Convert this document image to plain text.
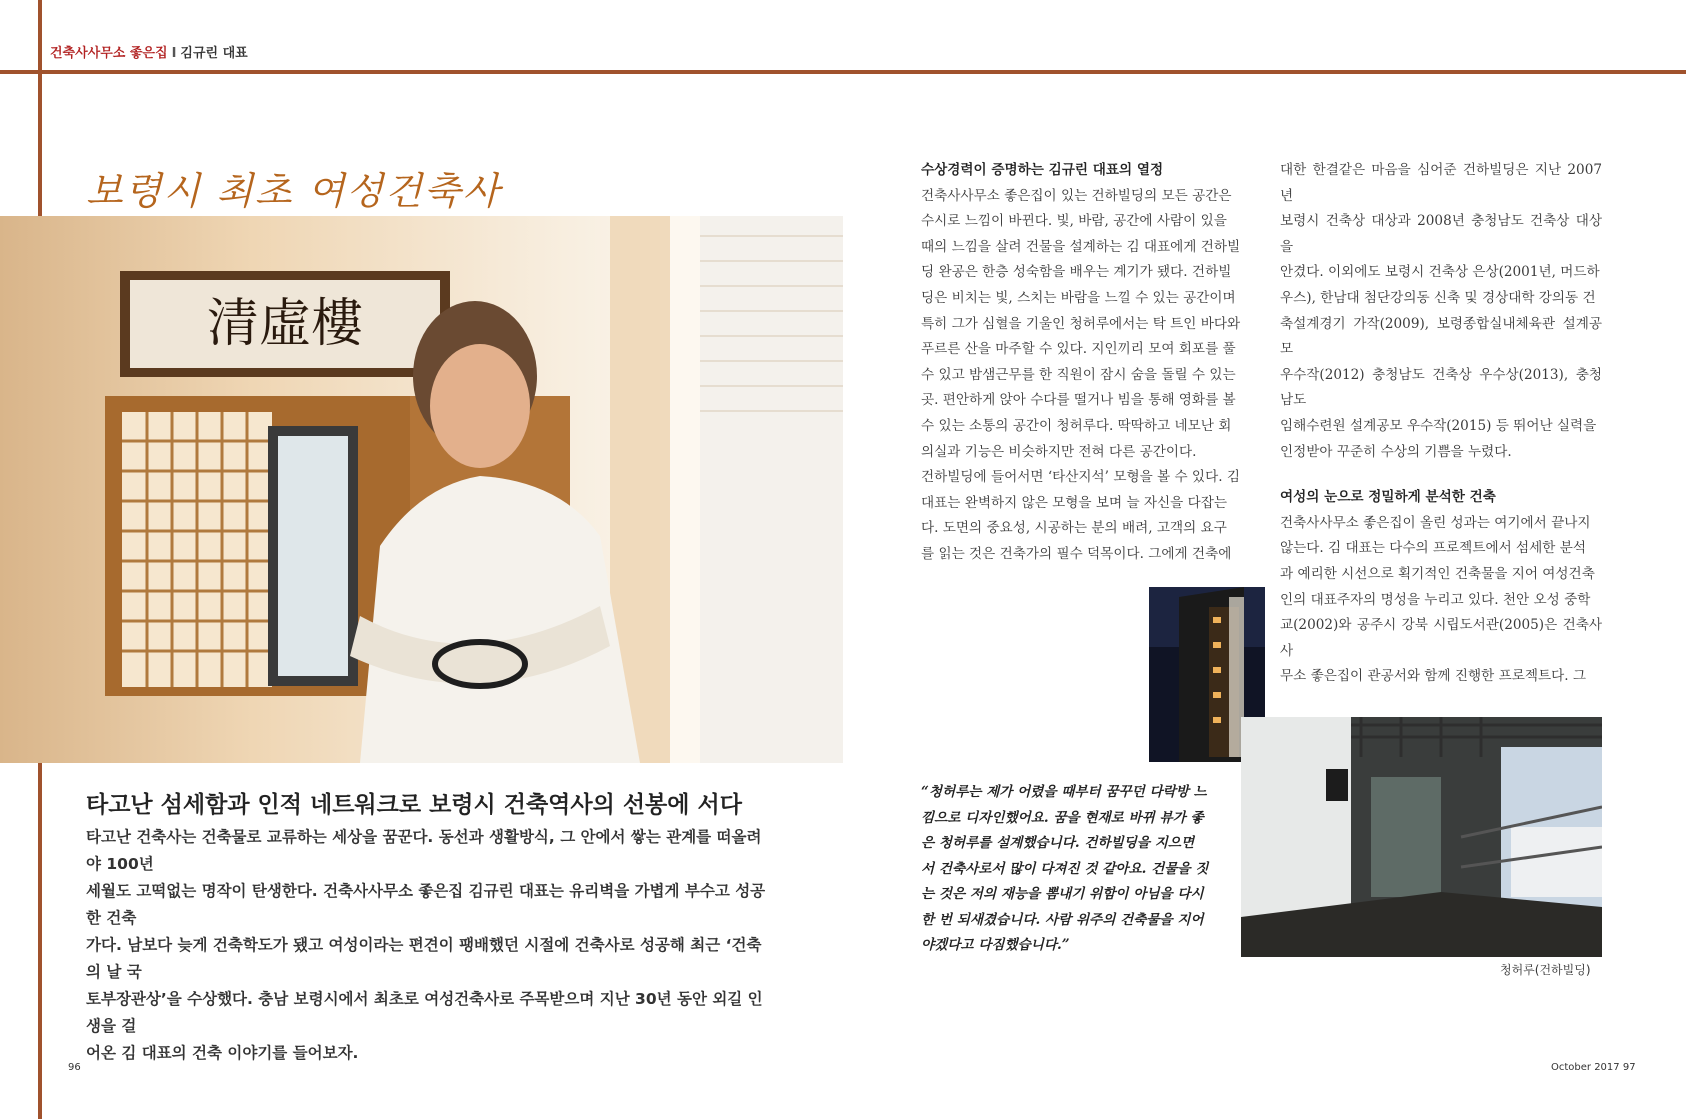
건축사사무소 좋은집 I 김규린 대표
보령시 최초 여성건축사
清虛樓
타고난 섬세함과 인적 네트워크로 보령시 건축역사의 선봉에 서다

타고난 건축사는 건축물로 교류하는 세상을 꿈꾼다. 동선과 생활방식, 그 안에서 쌓는 관계를 떠올려야 100년

세월도 고떡없는 명작이 탄생한다. 건축사사무소 좋은집 김규린 대표는 유리벽을 가볍게 부수고 성공한 건축

가다. 남보다 늦게 건축학도가 됐고 여성이라는 편견이 팽배했던 시절에 건축사로 성공해 최근 ‘건축의 날 국

토부장관상’을 수상했다. 충남 보령시에서 최초로 여성건축사로 주목받으며 지난 30년 동안 외길 인생을 걸

어온 김 대표의 건축 이야기를 들어보자.

수상경력이 증명하는 김규린 대표의 열정

건축사사무소 좋은집이 있는 건하빌딩의 모든 공간은

수시로 느낌이 바뀐다. 빛, 바람, 공간에 사람이 있을

때의 느낌을 살려 건물을 설계하는 김 대표에게 건하빌

딩 완공은 한층 성숙함을 배우는 계기가 됐다. 건하빌

딩은 비치는 빛, 스치는 바람을 느낄 수 있는 공간이며

특히 그가 심혈을 기울인 청허루에서는 탁 트인 바다와

푸르른 산을 마주할 수 있다. 지인끼리 모여 회포를 풀

수 있고 밤샘근무를 한 직원이 잠시 숨을 돌릴 수 있는

곳. 편안하게 앉아 수다를 떨거나 빔을 통해 영화를 볼

수 있는 소통의 공간이 청허루다. 딱딱하고 네모난 회

의실과 기능은 비슷하지만 전혀 다른 공간이다.

건하빌딩에 들어서면 ‘타산지석’ 모형을 볼 수 있다. 김

대표는 완벽하지 않은 모형을 보며 늘 자신을 다잡는

다. 도면의 중요성, 시공하는 분의 배려, 고객의 요구

를 읽는 것은 건축가의 필수 덕목이다. 그에게 건축에

대한 한결같은 마음을 심어준 건하빌딩은 지난 2007년

보령시 건축상 대상과 2008년 충청남도 건축상 대상을

안겼다. 이외에도 보령시 건축상 은상(2001년, 머드하

우스), 한남대 첨단강의동 신축 및 경상대학 강의동 건

축설계경기 가작(2009), 보령종합실내체육관 설계공모

우수작(2012) 충청남도 건축상 우수상(2013), 충청남도

임해수련원 설계공모 우수작(2015) 등 뛰어난 실력을

인정받아 꾸준히 수상의 기쁨을 누렸다.

여성의 눈으로 정밀하게 분석한 건축

건축사사무소 좋은집이 올린 성과는 여기에서 끝나지

않는다. 김 대표는 다수의 프로젝트에서 섬세한 분석

과 예리한 시선으로 획기적인 건축물을 지어 여성건축

인의 대표주자의 명성을 누리고 있다. 천안 오성 중학

교(2002)와 공주시 강북 시립도서관(2005)은 건축사사

무소 좋은집이 관공서와 함께 진행한 프로젝트다. 그

청허루(건하빌딩)

“청허루는 제가 어렸을 때부터 꿈꾸던 다락방 느

낌으로 디자인했어요. 꿈을 현재로 바뀌 뷰가 좋

은 청허루를 설계했습니다. 건하빌딩을 지으면

서 건축사로서 많이 다져진 것 같아요. 건물을 짓

는 것은 저의 재능을 뽐내기 위함이 아님을 다시

한 번 되새겼습니다. 사람 위주의 건축물을 지어

야겠다고 다짐했습니다.”

96	October 2017 97
